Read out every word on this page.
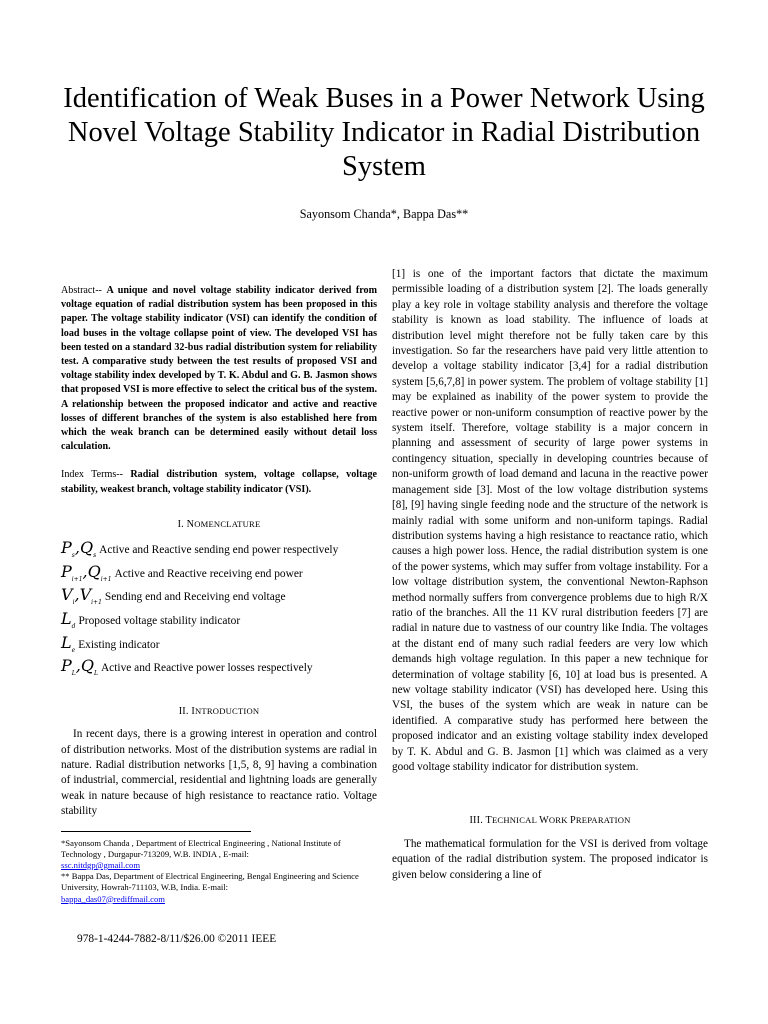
Identification of Weak Buses in a Power Network Using Novel Voltage Stability Indicator in Radial Distribution System
Sayonsom Chanda*, Bappa Das**

Abstract-- A unique and novel voltage stability indicator derived from voltage equation of radial distribution system has been proposed in this paper. The voltage stability indicator (VSI) can identify the condition of load buses in the voltage collapse point of view. The developed VSI has been tested on a standard 32-bus radial distribution system for reliability test. A comparative study between the test results of proposed VSI and voltage stability index developed by T. K. Abdul and G. B. Jasmon shows that proposed VSI is more effective to select the critical bus of the system. A relationship between the proposed indicator and active and reactive losses of different branches of the system is also established here from which the weak branch can be determined easily without detail loss calculation.

Index Terms-- Radial distribution system, voltage collapse, voltage stability, weakest branch, voltage stability indicator (VSI).

I. NOMENCLATURE
$P_s,Q_s$ Active and Reactive sending end power respectively
$P_{i+1},Q_{i+1}$ Active and Reactive receiving end power
$V_i,V_{i+1}$ Sending end and Receiving end voltage
$L_d$ Proposed voltage stability indicator
$L_e$ Existing indicator
$P_L,Q_L$ Active and Reactive power losses respectively
II. INTRODUCTION

In recent days, there is a growing interest in operation and control of distribution networks. Most of the distribution systems are radial in nature. Radial distribution networks [1,5, 8, 9] having a combination of industrial, commercial, residential and lightning loads are generally weak in nature because of high resistance to reactance ratio. Voltage stability

*Sayonsom Chanda , Department of Electrical Engineering , National Institute of Technology , Durgapur-713209, W.B. INDIA , E-mail:
ssc.nitdgp@gmail.com

** Bappa Das, Department of Electrical Engineering, Bengal Engineering and Science University, Howrah-711103, W.B, India. E-mail:
bappa_das07@rediffmail.com

978-1-4244-7882-8/11/$26.00 ©2011 IEEE

[1] is one of the important factors that dictate the maximum permissible loading of a distribution system [2]. The loads generally play a key role in voltage stability analysis and therefore the voltage stability is known as load stability. The influence of loads at distribution level might therefore not be fully taken care by this investigation. So far the researchers have paid very little attention to develop a voltage stability indicator [3,4] for a radial distribution system [5,6,7,8] in power system. The problem of voltage stability [1] may be explained as inability of the power system to provide the reactive power or non-uniform consumption of reactive power by the system itself. Therefore, voltage stability is a major concern in planning and assessment of security of large power systems in contingency situation, specially in developing countries because of non-uniform growth of load demand and lacuna in the reactive power management side [3]. Most of the low voltage distribution systems [8], [9] having single feeding node and the structure of the network is mainly radial with some uniform and non-uniform tapings. Radial distribution systems having a high resistance to reactance ratio, which causes a high power loss. Hence, the radial distribution system is one of the power systems, which may suffer from voltage instability. For a low voltage distribution system, the conventional Newton-Raphson method normally suffers from convergence problems due to high R/X ratio of the branches. All the 11 KV rural distribution feeders [7] are radial in nature due to vastness of our country like India. The voltages at the distant end of many such radial feeders are very low which demands high voltage regulation. In this paper a new technique for determination of voltage stability [6, 10] at load bus is presented. A new voltage stability indicator (VSI) has developed here. Using this VSI, the buses of the system which are weak in nature can be identified. A comparative study has performed here between the proposed indicator and an existing voltage stability index developed by T. K. Abdul and G. B. Jasmon [1] which was claimed as a very good voltage stability indicator for distribution system.

III. TECHNICAL WORK PREPARATION

The mathematical formulation for the VSI is derived from voltage equation of the radial distribution system. The proposed indicator is given below considering a line of
